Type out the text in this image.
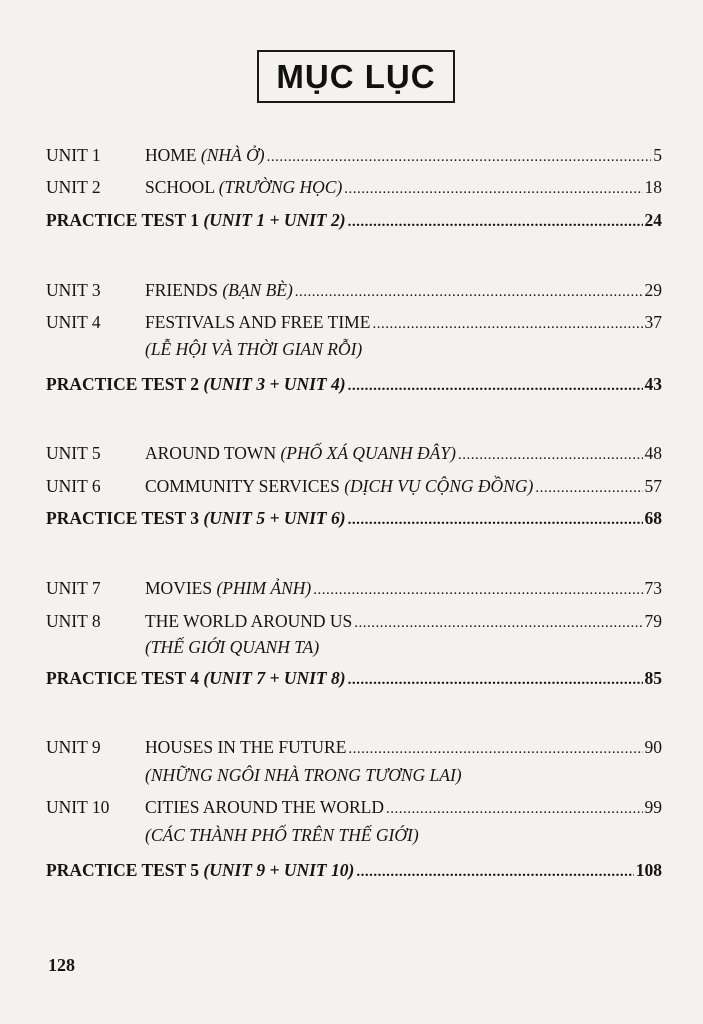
MỤC LỤC
UNIT 1	HOME (NHÀ Ở) .....	5
UNIT 2	SCHOOL (TRƯỜNG HỌC) .....	18
PRACTICE TEST 1 (UNIT 1 + UNIT 2) .....	24
UNIT 3	FRIENDS (BẠN BÈ) .....	29
UNIT 4	FESTIVALS AND FREE TIME .....	37
(LỄ HỘI VÀ THỜI GIAN RỖI)
PRACTICE TEST 2 (UNIT 3 + UNIT 4) .....	43
UNIT 5	AROUND TOWN (PHỐ XÁ QUANH ĐÂY) .....	48
UNIT 6	COMMUNITY SERVICES (DỊCH VỤ CỘNG ĐỒNG) .....	57
PRACTICE TEST 3 (UNIT 5 + UNIT 6) .....	68
UNIT 7	MOVIES (PHIM ẢNH) .....	73
UNIT 8	THE WORLD AROUND US .....	79
(THẾ GIỚI QUANH TA)
PRACTICE TEST 4 (UNIT 7 + UNIT 8) .....	85
UNIT 9	HOUSES IN THE FUTURE .....	90
(NHỮNG NGÔI NHÀ TRONG TƯƠNG LAI)
UNIT 10	CITIES AROUND THE WORLD .....	99
(CÁC THÀNH PHỐ TRÊN THẾ GIỚI)
PRACTICE TEST 5 (UNIT 9 + UNIT 10) .....	108
128
